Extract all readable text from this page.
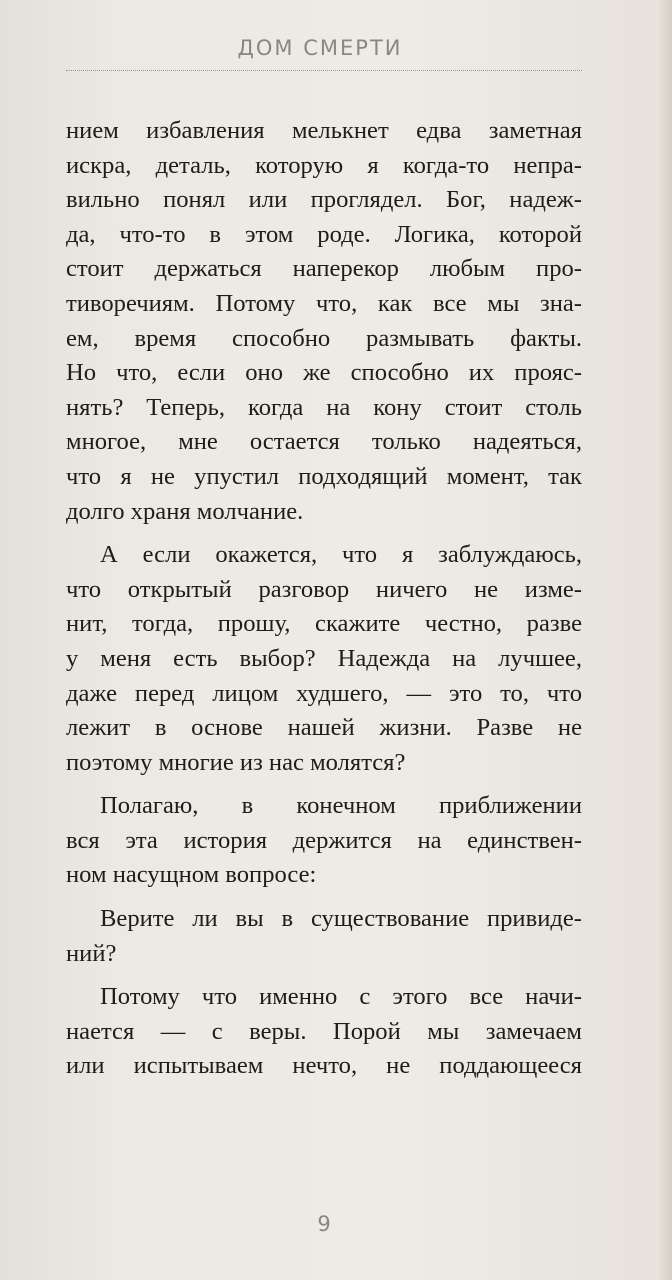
ДОМ СМЕРТИ

нием избавления мелькнет едва заметная
искра, деталь, которую я когда-то непра-
вильно понял или проглядел. Бог, надеж-
да, что-то в этом роде. Логика, которой
стоит держаться наперекор любым про-
тиворечиям. Потому что, как все мы зна-
ем, время способно размывать факты.
Но что, если оно же способно их прояс-
нять? Теперь, когда на кону стоит столь
многое, мне остается только надеяться,
что я не упустил подходящий момент, так
долго храня молчание.

А если окажется, что я заблуждаюсь,
что открытый разговор ничего не изме-
нит, тогда, прошу, скажите честно, разве
у меня есть выбор? Надежда на лучшее,
даже перед лицом худшего, — это то, что
лежит в основе нашей жизни. Разве не
поэтому многие из нас молятся?

Полагаю, в конечном приближении
вся эта история держится на единствен-
ном насущном вопросе:

Верите ли вы в существование привиде-
ний?

Потому что именно с этого все начи-
нается — с веры. Порой мы замечаем
или испытываем нечто, не поддающееся

9
